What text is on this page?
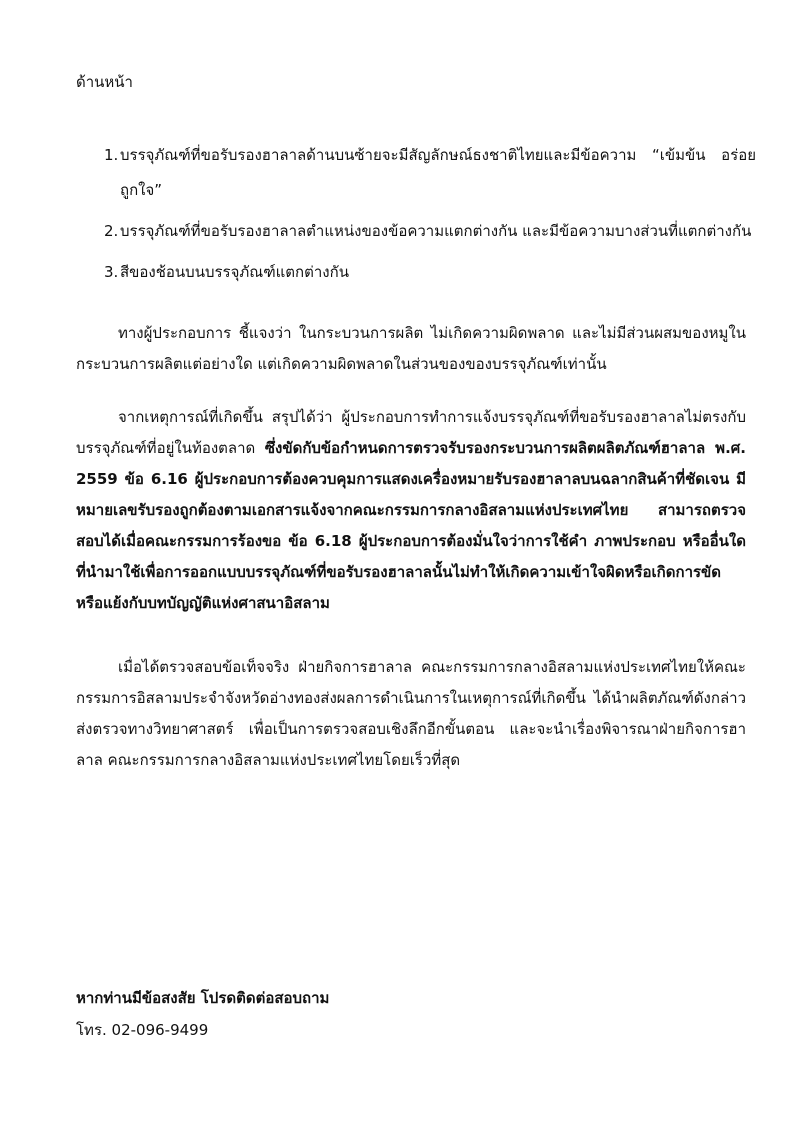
ด้านหน้า
1. บรรจุภัณฑ์ที่ขอรับรองฮาลาลด้านบนซ้ายจะมีสัญลักษณ์ธงชาติไทยและมีข้อความ “เข้มข้น อร่อย ถูกใจ”
2. บรรจุภัณฑ์ที่ขอรับรองฮาลาลตำแหน่งของข้อความแตกต่างกัน และมีข้อความบางส่วนที่แตกต่างกัน
3. สีของช้อนบนบรรจุภัณฑ์แตกต่างกัน
ทางผู้ประกอบการ ชี้แจงว่า ในกระบวนการผลิต ไม่เกิดความผิดพลาด และไม่มีส่วนผสมของหมูในกระบวนการผลิตแต่อย่างใด แต่เกิดความผิดพลาดในส่วนของของบรรจุภัณฑ์เท่านั้น
จากเหตุการณ์ที่เกิดขึ้น สรุปได้ว่า ผู้ประกอบการทำการแจ้งบรรจุภัณฑ์ที่ขอรับรองฮาลาลไม่ตรงกับบรรจุภัณฑ์ที่อยู่ในท้องตลาด ซึ่งขัดกับข้อกำหนดการตรวจรับรองกระบวนการผลิตผลิตภัณฑ์ฮาลาล พ.ศ. 2559 ข้อ 6.16 ผู้ประกอบการต้องควบคุมการแสดงเครื่องหมายรับรองฮาลาลบนฉลากสินค้าที่ชัดเจน มีหมายเลขรับรองถูกต้องตามเอกสารแจ้งจากคณะกรรมการกลางอิสลามแห่งประเทศไทย สามารถตรวจสอบได้เมื่อคณะกรรมการร้องขอ ข้อ 6.18 ผู้ประกอบการต้องมั่นใจว่าการใช้คำ ภาพประกอบ หรืออื่นใด ที่นำมาใช้เพื่อการออกแบบบรรจุภัณฑ์ที่ขอรับรองฮาลาลนั้นไม่ทำให้เกิดความเข้าใจผิดหรือเกิดการขัด หรือแย้งกับบทบัญญัติแห่งศาสนาอิสลาม
เมื่อได้ตรวจสอบข้อเท็จจริง ฝ่ายกิจการฮาลาล คณะกรรมการกลางอิสลามแห่งประเทศไทยให้คณะกรรมการอิสลามประจำจังหวัดอ่างทองส่งผลการดำเนินการในเหตุการณ์ที่เกิดขึ้น ได้นำผลิตภัณฑ์ดังกล่าวส่งตรวจทางวิทยาศาสตร์ เพื่อเป็นการตรวจสอบเชิงลึกอีกขั้นตอน และจะนำเรื่องพิจารณาฝ่ายกิจการฮาลาล คณะกรรมการกลางอิสลามแห่งประเทศไทยโดยเร็วที่สุด
หากท่านมีข้อสงสัย โปรดติดต่อสอบถาม
โทร. 02-096-9499
